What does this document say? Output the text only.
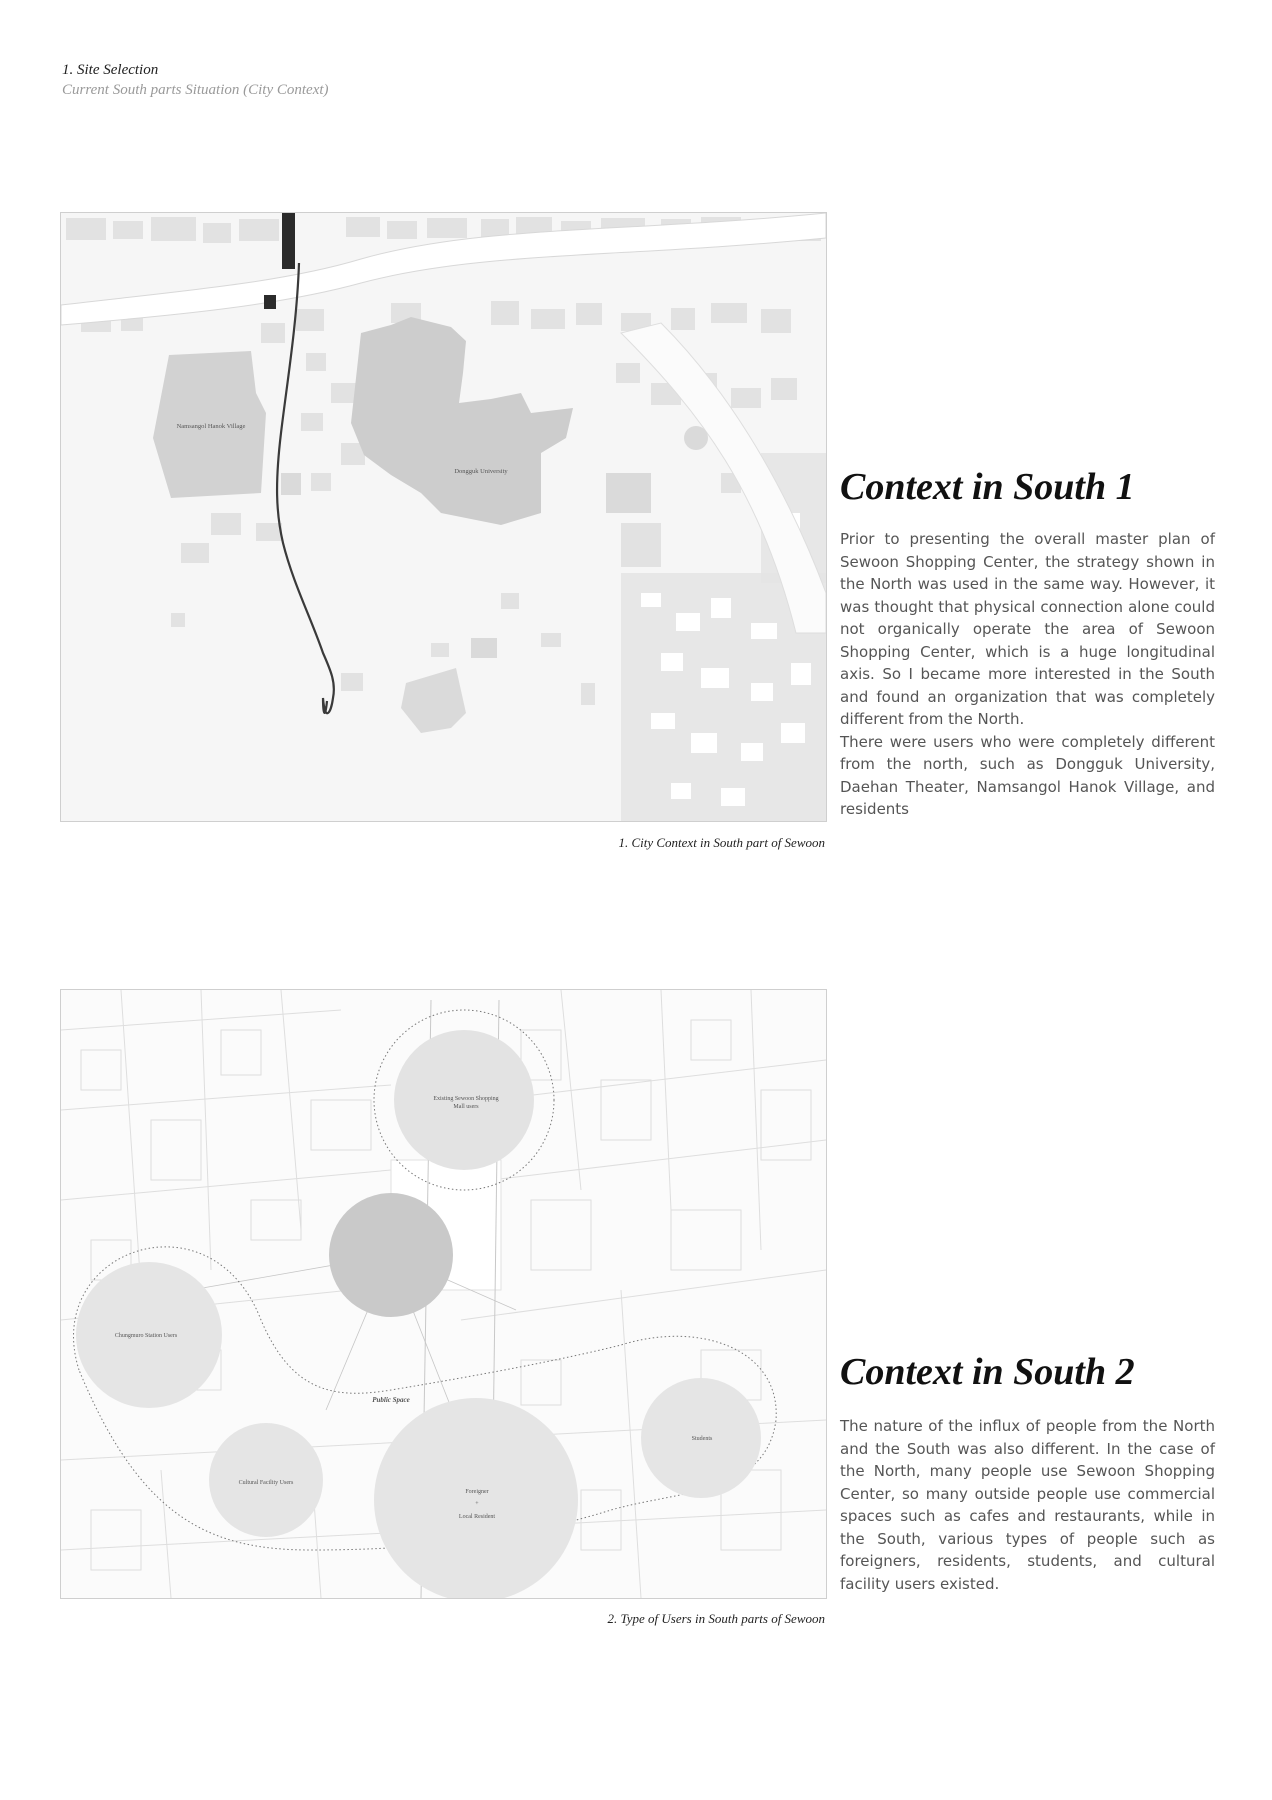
1. Site Selection

Current South parts Situation (City Context)

Namsangol Hanok Village
Dongguk University
1. City Context in South part of Sewoon
Context in South 1

Prior to presenting the overall master plan of Sewoon Shopping Center, the strategy shown in the North was used in the same way. However, it was thought that physical connection alone could not organically operate the area of Sewoon Shopping Center, which is a huge longitudinal axis. So I became more interested in the South and found an organization that was completely different from the North.

There were users who were completely different from the north, such as Dongguk University, Daehan Theater, Namsangol Hanok Village, and residents

Existing Sewoon Shopping
Mall users
Chungmuro Station Users
Public Space
Cultural Facility Users
Foreigner
+
Local Resident
Students
2. Type of Users in South parts of Sewoon
Context in South 2

The nature of the influx of people from the North and the South was also different. In the case of the North, many people use Sewoon Shopping Center, so many outside people use commercial spaces such as cafes and restaurants, while in the South, various types of people such as foreigners, residents, students, and cultural facility users existed.
